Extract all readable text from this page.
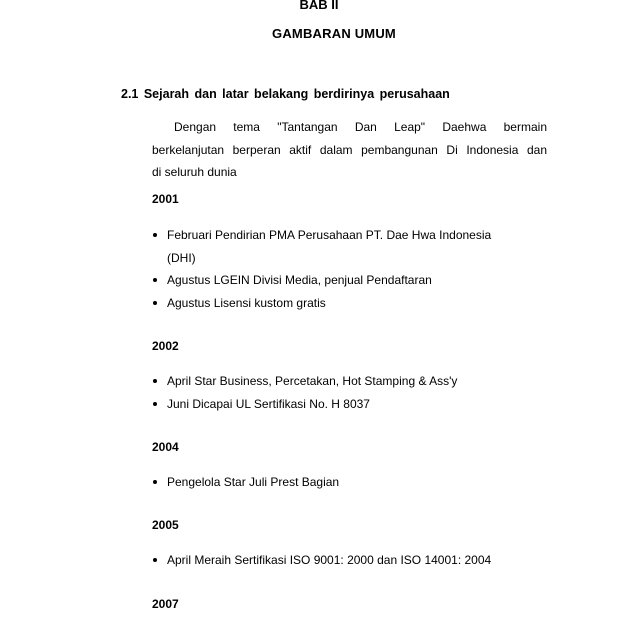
BAB II
GAMBARAN UMUM
2.1 Sejarah dan latar belakang berdirinya perusahaan
Dengan tema "Tantangan Dan Leap" Daehwa bermain
berkelanjutan berperan aktif dalam pembangunan Di Indonesia dan
di seluruh dunia
2001
Februari Pendirian PMA Perusahaan PT. Dae Hwa Indonesia
(DHI)
Agustus LGEIN Divisi Media, penjual Pendaftaran
Agustus Lisensi kustom gratis
2002
April Star Business, Percetakan, Hot Stamping & Ass'y
Juni Dicapai UL Sertifikasi No. H 8037
2004
Pengelola Star Juli Prest Bagian
2005
April Meraih Sertifikasi ISO 9001: 2000 dan ISO 14001: 2004
2007
